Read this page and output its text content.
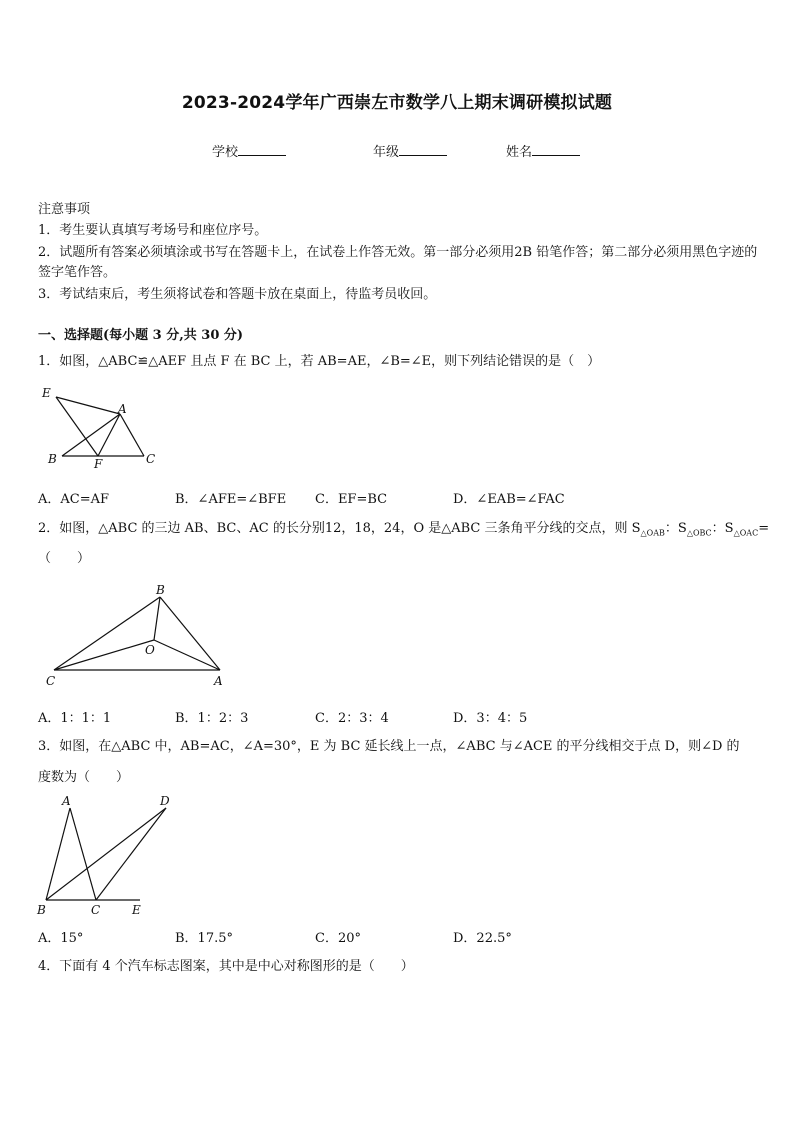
2023-2024学年广西崇左市数学八上期末调研模拟试题
学校	年级	姓名
注意事项
1．考生要认真填写考场号和座位序号。
2．试题所有答案必须填涂或书写在答题卡上，在试卷上作答无效。第一部分必须用2B 铅笔作答；第二部分必须用黑色字迹的签字笔作答。
3．考试结束后，考生须将试卷和答题卡放在桌面上，待监考员收回。
一、选择题(每小题 3 分,共 30 分)
1．如图，△ABC≌△AEF 且点 F 在 BC 上，若 AB=AE，∠B=∠E，则下列结论错误的是（　）
E
A
B	F	C
A．AC=AF	B．∠AFE=∠BFE C．EF=BC	D．∠EAB=∠FAC
2．如图，△ABC 的三边 AB、BC、AC 的长分别12，18，24，O 是△ABC 三条角平分线的交点，则 $S_{\triangle OAB}$：$S_{\triangle OBC}$：$S_{\triangle OAC}=$
（　　）
B
O
C	A
A．1：1：1	B．1：2：3	C．2：3：4	D．3：4：5
3．如图，在△ABC 中，AB=AC，∠A=30°，E 为 BC 延长线上一点，∠ABC 与∠ACE 的平分线相交于点 D，则∠D 的
度数为（　　）
A	D
B	C	E
A．15°	B．17.5°	C．20°	D．22.5°
4．下面有 4 个汽车标志图案，其中是中心对称图形的是（　　）
